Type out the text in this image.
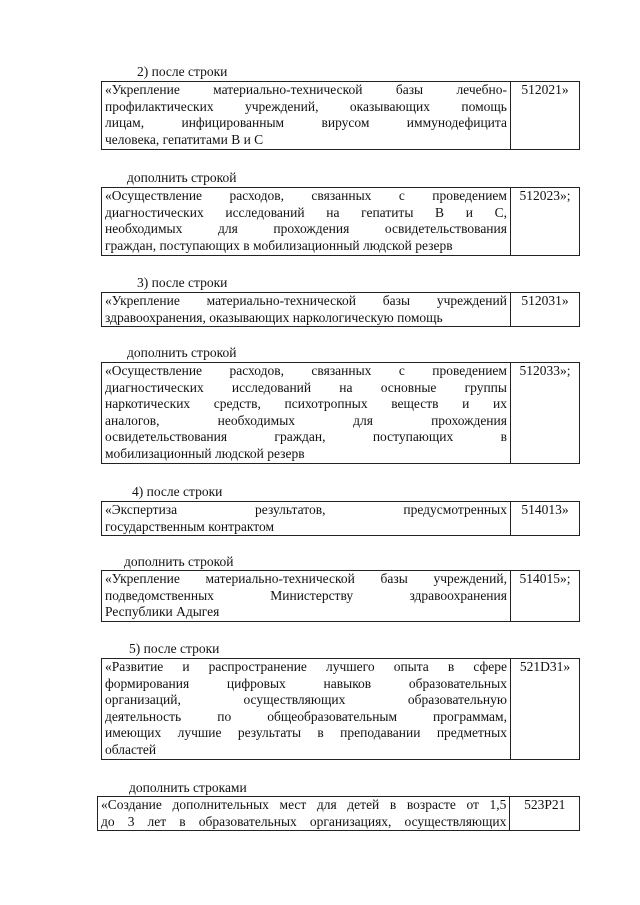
2) после строки
«Укрепление материально-технической базы лечебно-
профилактических учреждений, оказывающих помощь
лицам, инфицированным вирусом иммунодефицита
человека, гепатитами В и С
	512021»
дополнить строкой
«Осуществление расходов, связанных с проведением
диагностических исследований на гепатиты В и С,
необходимых для прохождения освидетельствования
граждан, поступающих в мобилизационный людской резерв
	512023»;
3) после строки
«Укрепление материально-технической базы учреждений
здравоохранения, оказывающих наркологическую помощь
	512031»
дополнить строкой
«Осуществление расходов, связанных с проведением
диагностических исследований на основные группы
наркотических средств, психотропных веществ и их
аналогов, необходимых для прохождения
освидетельствования граждан, поступающих в
мобилизационный людской резерв
	512033»;
4) после строки
«Экспертиза результатов, предусмотренных
государственным контрактом
	514013»
дополнить строкой
«Укрепление материально-технической базы учреждений,
подведомственных Министерству здравоохранения
Республики Адыгея
	514015»;
5) после строки
«Развитие и распространение лучшего опыта в сфере
формирования цифровых навыков образовательных
организаций, осуществляющих образовательную
деятельность по общеобразовательным программам,
имеющих лучшие результаты в преподавании предметных
областей
	521D31»
дополнить строками
«Создание дополнительных мест для детей в возрасте от 1,5
до 3 лет в образовательных организациях, осуществляющих
	523P21
